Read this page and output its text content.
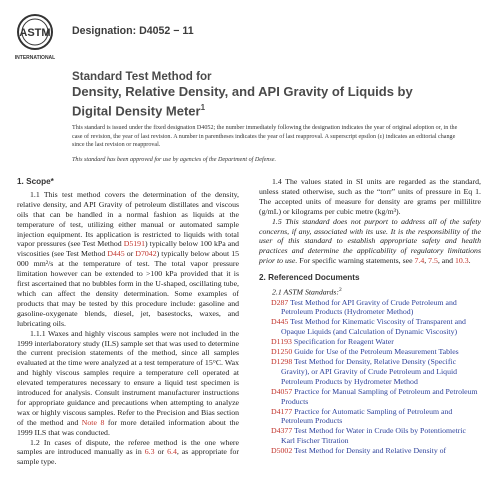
ASTM
INTERNATIONAL
Designation: D4052 − 11
Standard Test Method for
Density, Relative Density, and API Gravity of Liquids by
Digital Density Meter$^1$

This standard is issued under the fixed designation D4052; the number immediately following the designation indicates the year of original adoption or, in the case of revision, the year of last revision. A number in parentheses indicates the year of last reapproval. A superscript epsilon (ε) indicates an editorial change since the last revision or reapproval.

This standard has been approved for use by agencies of the Department of Defense.

1. Scope*

1.1 This test method covers the determination of the density, relative density, and API Gravity of petroleum distillates and viscous oils that can be handled in a normal fashion as liquids at the temperature of test, utilizing either manual or automated sample injection equipment. Its application is restricted to liquids with total vapor pressures (see Test Method D5191) typically below 100 kPa and viscosities (see Test Method D445 or D7042) typically below about 15 000 mm²/s at the temperature of test. The total vapor pressure limitation however can be extended to >100 kPa provided that it is first ascertained that no bubbles form in the U-shaped, oscillating tube, which can affect the density determination. Some examples of products that may be tested by this procedure include: gasoline and gasoline-oxygenate blends, diesel, jet, basestocks, waxes, and lubricating oils.

1.1.1 Waxes and highly viscous samples were not included in the 1999 interlaboratory study (ILS) sample set that was used to determine the current precision statements of the method, since all samples evaluated at the time were analyzed at a test temperature of 15°C. Wax and highly viscous samples require a temperature cell operated at elevated temperatures necessary to ensure a liquid test specimen is introduced for analysis. Consult instrument manufacturer instructions for appropriate guidance and precautions when attempting to analyze wax or highly viscous samples. Refer to the Precision and Bias section of the method and Note 8 for more detailed information about the 1999 ILS that was conducted.

1.2 In cases of dispute, the referee method is the one where samples are introduced manually as in 6.3 or 6.4, as appropriate for sample type.

1.4 The values stated in SI units are regarded as the standard, unless stated otherwise, such as the “torr” units of pressure in Eq 1. The accepted units of measure for density are grams per millilitre (g/mL) or kilograms per cubic metre (kg/m³).

1.5 This standard does not purport to address all of the safety concerns, if any, associated with its use. It is the responsibility of the user of this standard to establish appropriate safety and health practices and determine the applicability of regulatory limitations prior to use. For specific warning statements, see 7.4, 7.5, and 10.3.

2. Referenced Documents

2.1 ASTM Standards:$^2$

D287 Test Method for API Gravity of Crude Petroleum and Petroleum Products (Hydrometer Method)
D445 Test Method for Kinematic Viscosity of Transparent and Opaque Liquids (and Calculation of Dynamic Viscosity)
D1193 Specification for Reagent Water
D1250 Guide for Use of the Petroleum Measurement Tables
D1298 Test Method for Density, Relative Density (Specific Gravity), or API Gravity of Crude Petroleum and Liquid Petroleum Products by Hydrometer Method
D4057 Practice for Manual Sampling of Petroleum and Petroleum Products
D4177 Practice for Automatic Sampling of Petroleum and Petroleum Products
D4377 Test Method for Water in Crude Oils by Potentiometric Karl Fischer Titration
D5002 Test Method for Density and Relative Density of
